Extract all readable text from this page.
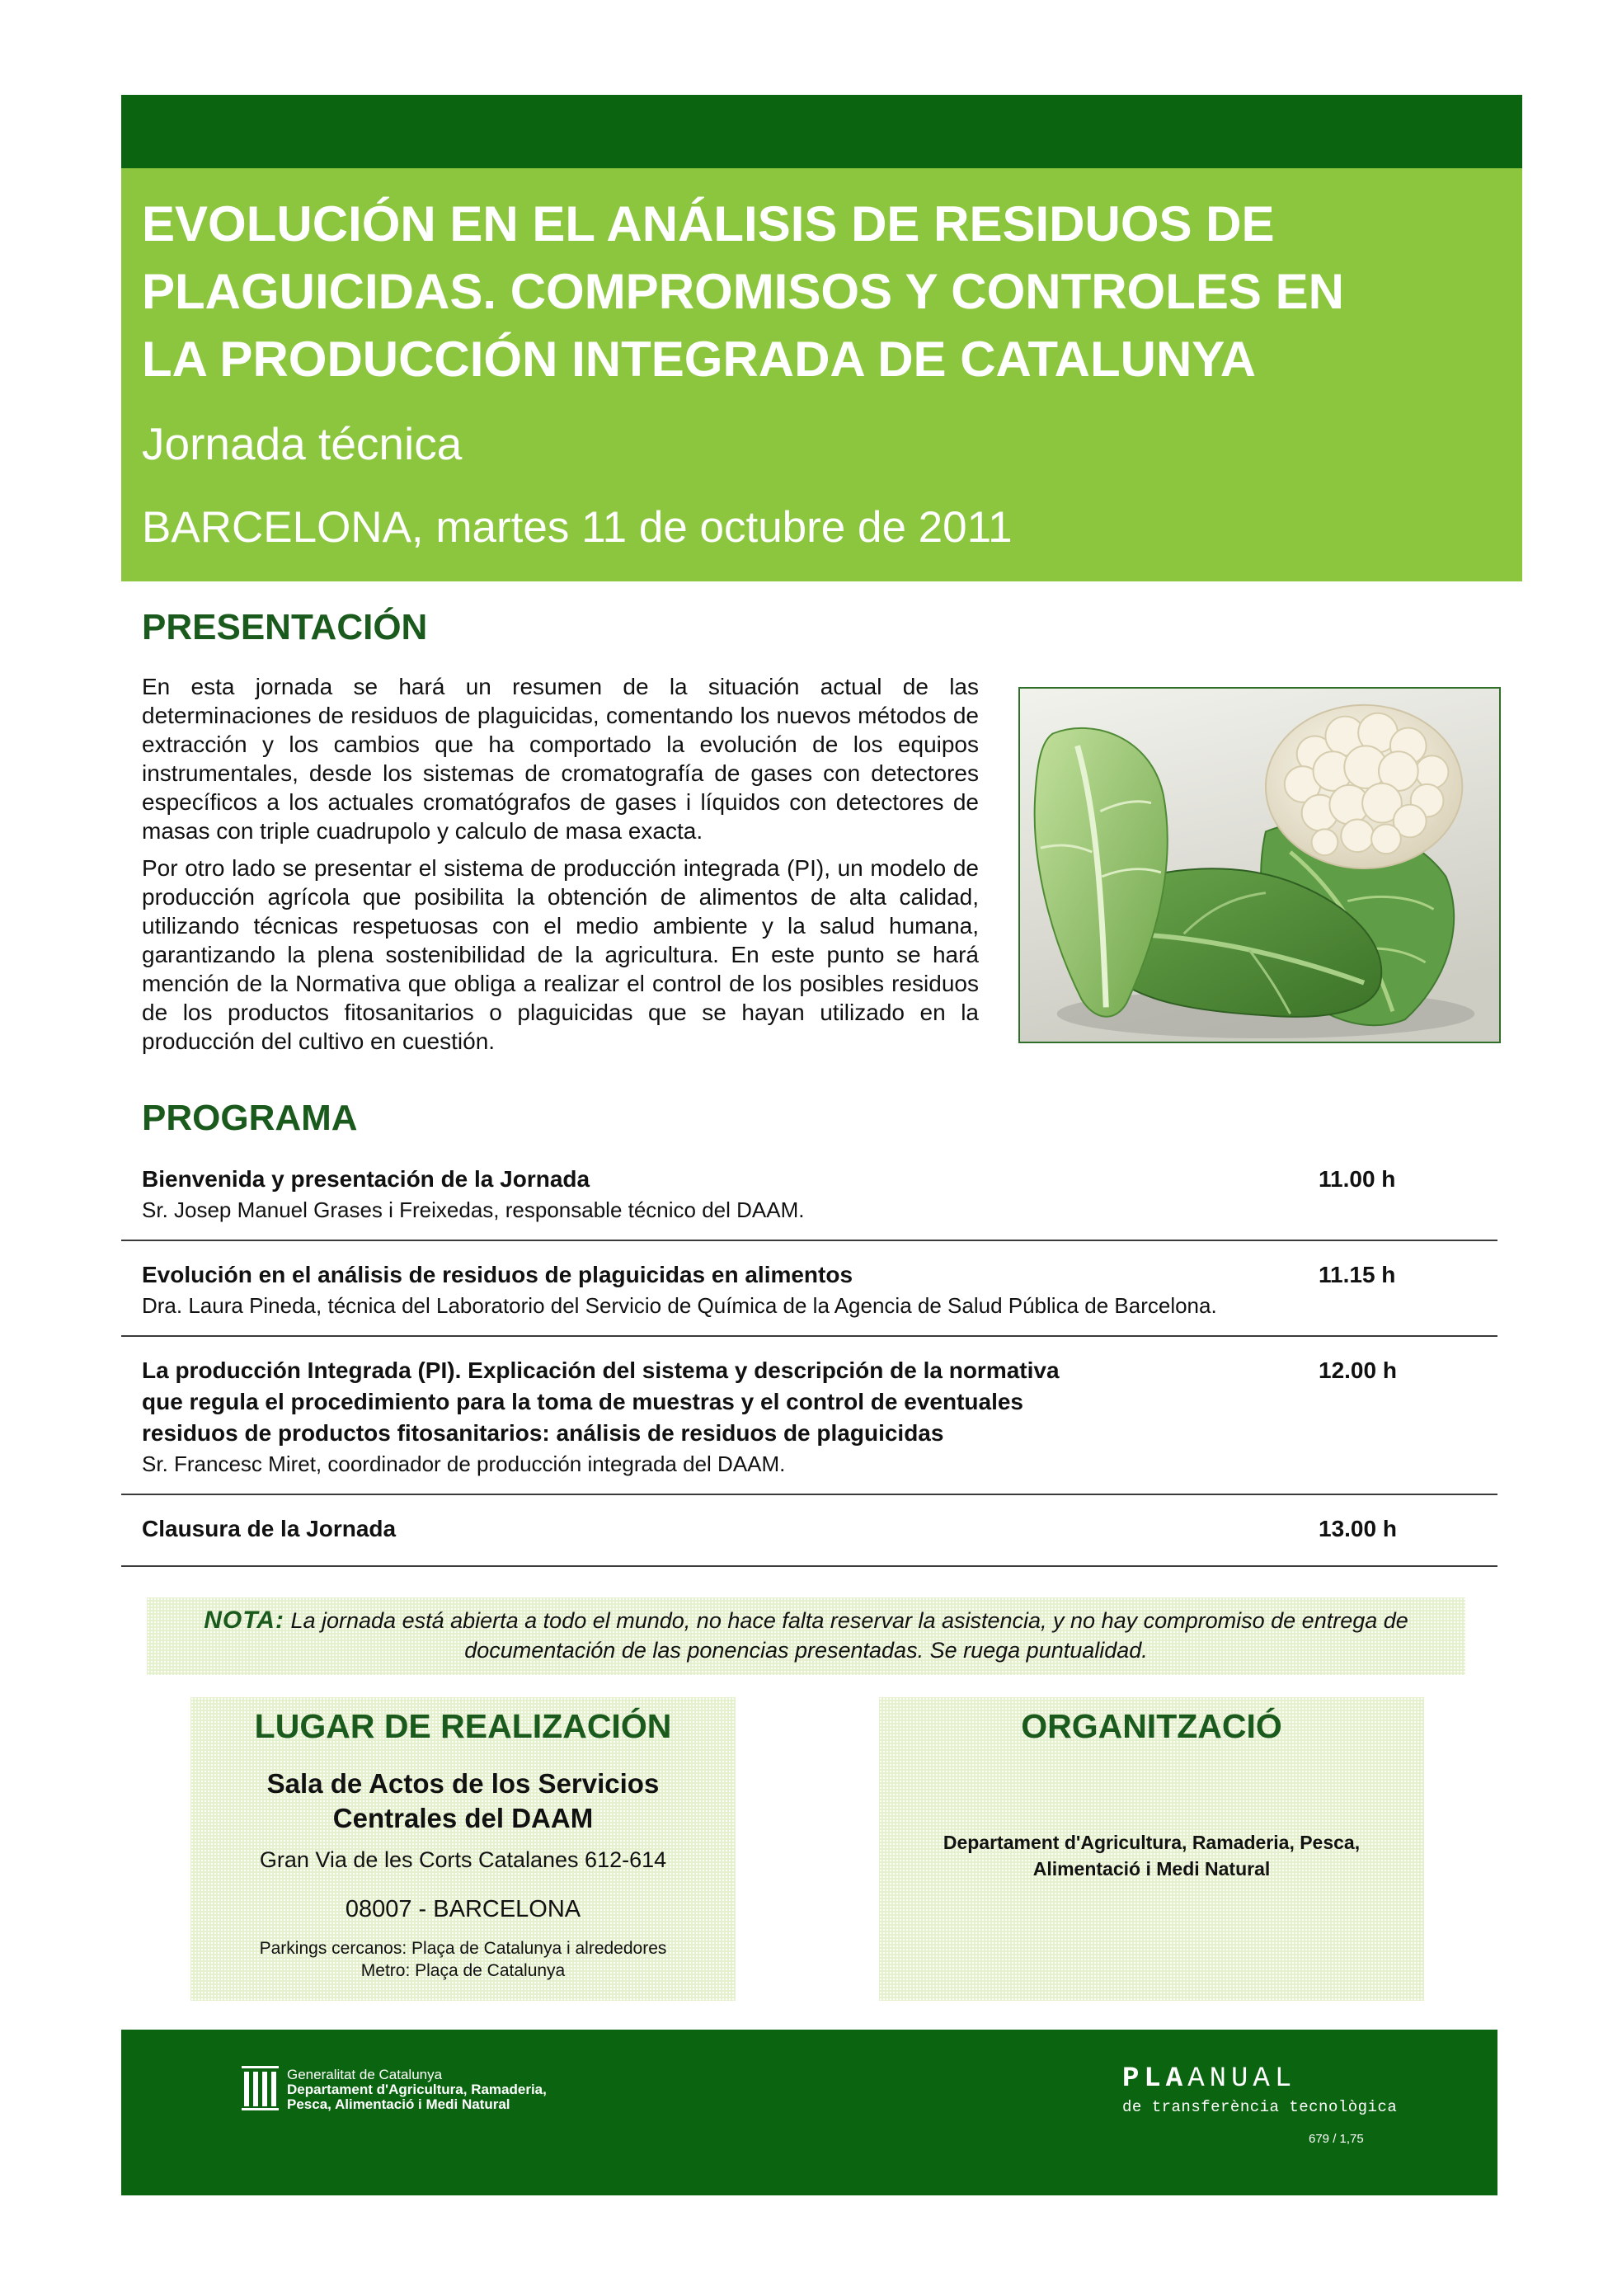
EVOLUCIÓN EN EL ANÁLISIS DE RESIDUOS DE
PLAGUICIDAS. COMPROMISOS Y CONTROLES EN
LA PRODUCCIÓN INTEGRADA DE CATALUNYA
Jornada técnica
BARCELONA, martes 11 de octubre de 2011
PRESENTACIÓN

En esta jornada se hará un resumen de la situación actual de las determinaciones de residuos de plaguicidas, comentando los nuevos métodos de extracción y los cambios que ha comportado la evolución de los equipos instrumentales, desde los sistemas de cromatografía de gases con detectores específicos a los actuales cromatógrafos de gases i líquidos con detectores de masas con triple cuadrupolo y calculo de masa exacta.

Por otro lado se presentar el sistema de producción integrada (PI), un modelo de producción agrícola que posibilita la obtención de alimentos de alta calidad, utilizando técnicas respetuosas con el medio ambiente y la salud humana, garantizando la plena sostenibilidad de la agricultura. En este punto se hará mención de la Normativa que obliga a realizar el control de los posibles residuos de los productos fitosanitarios o plaguicidas que se hayan utilizado en la producción del cultivo en cuestión.

PROGRAMA
Bienvenida y presentación de la Jornada
Sr. Josep Manuel Grases i Freixedas, responsable técnico del DAAM.
11.00 h
Evolución en el análisis de residuos de plaguicidas en alimentos
Dra. Laura Pineda, técnica del Laboratorio del Servicio de Química de la Agencia de Salud Pública de Barcelona.
11.15 h
La producción Integrada (PI). Explicación del sistema y descripción de la normativa
que regula el procedimiento para la toma de muestras y el control de eventuales
residuos de productos fitosanitarios: análisis de residuos de plaguicidas
Sr. Francesc Miret, coordinador de producción integrada del DAAM.
12.00 h
Clausura de la Jornada	13.00 h

NOTA: La jornada está abierta a todo el mundo, no hace falta reservar la asistencia, y no hay compromiso de entrega de documentación de las ponencias presentadas. Se ruega puntualidad.

LUGAR DE REALIZACIÓN
Sala de Actos de los Servicios Centrales del DAAM
Gran Via de les Corts Catalanes 612-614
08007 - BARCELONA
Parkings cercanos: Plaça de Catalunya i alrededores
Metro: Plaça de Catalunya
ORGANITZACIÓ
Departament d'Agricultura, Ramaderia, Pesca,
Alimentació i Medi Natural
Generalitat de Catalunya
Departament d'Agricultura, Ramaderia,
Pesca, Alimentació i Medi Natural
PLAANUAL
de transferència tecnològica
679 / 1,75
